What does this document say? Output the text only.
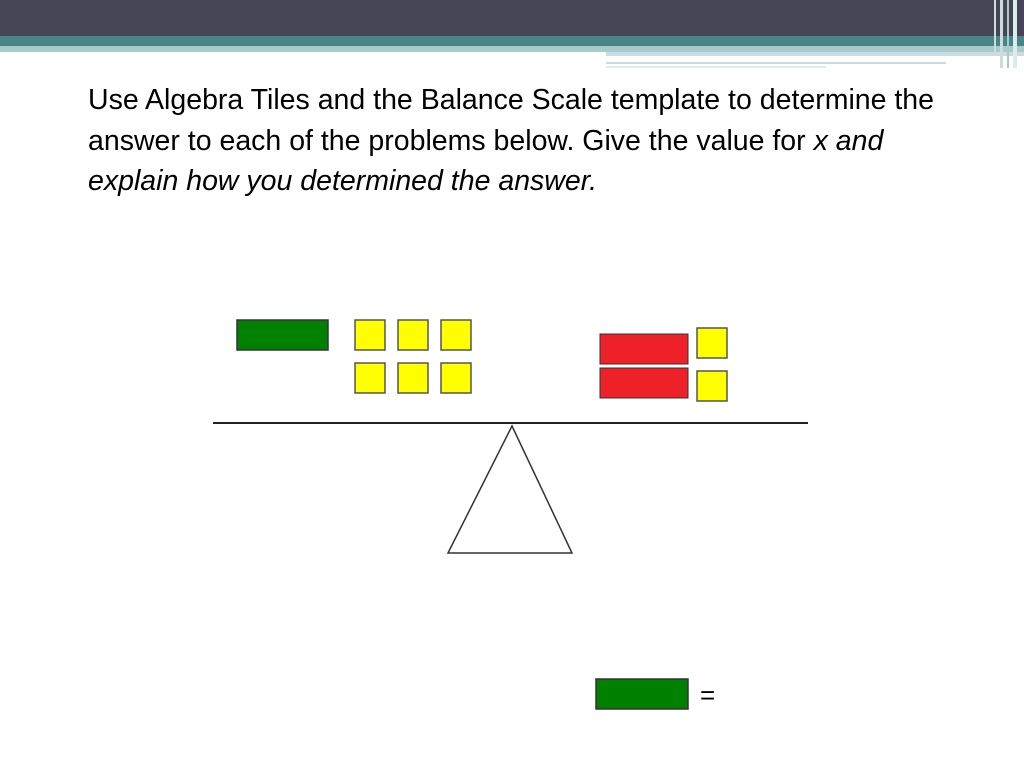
Use Algebra Tiles and the Balance Scale template to determine the answer to each of the problems below. Give the value for x and explain how you determined the answer.

=
